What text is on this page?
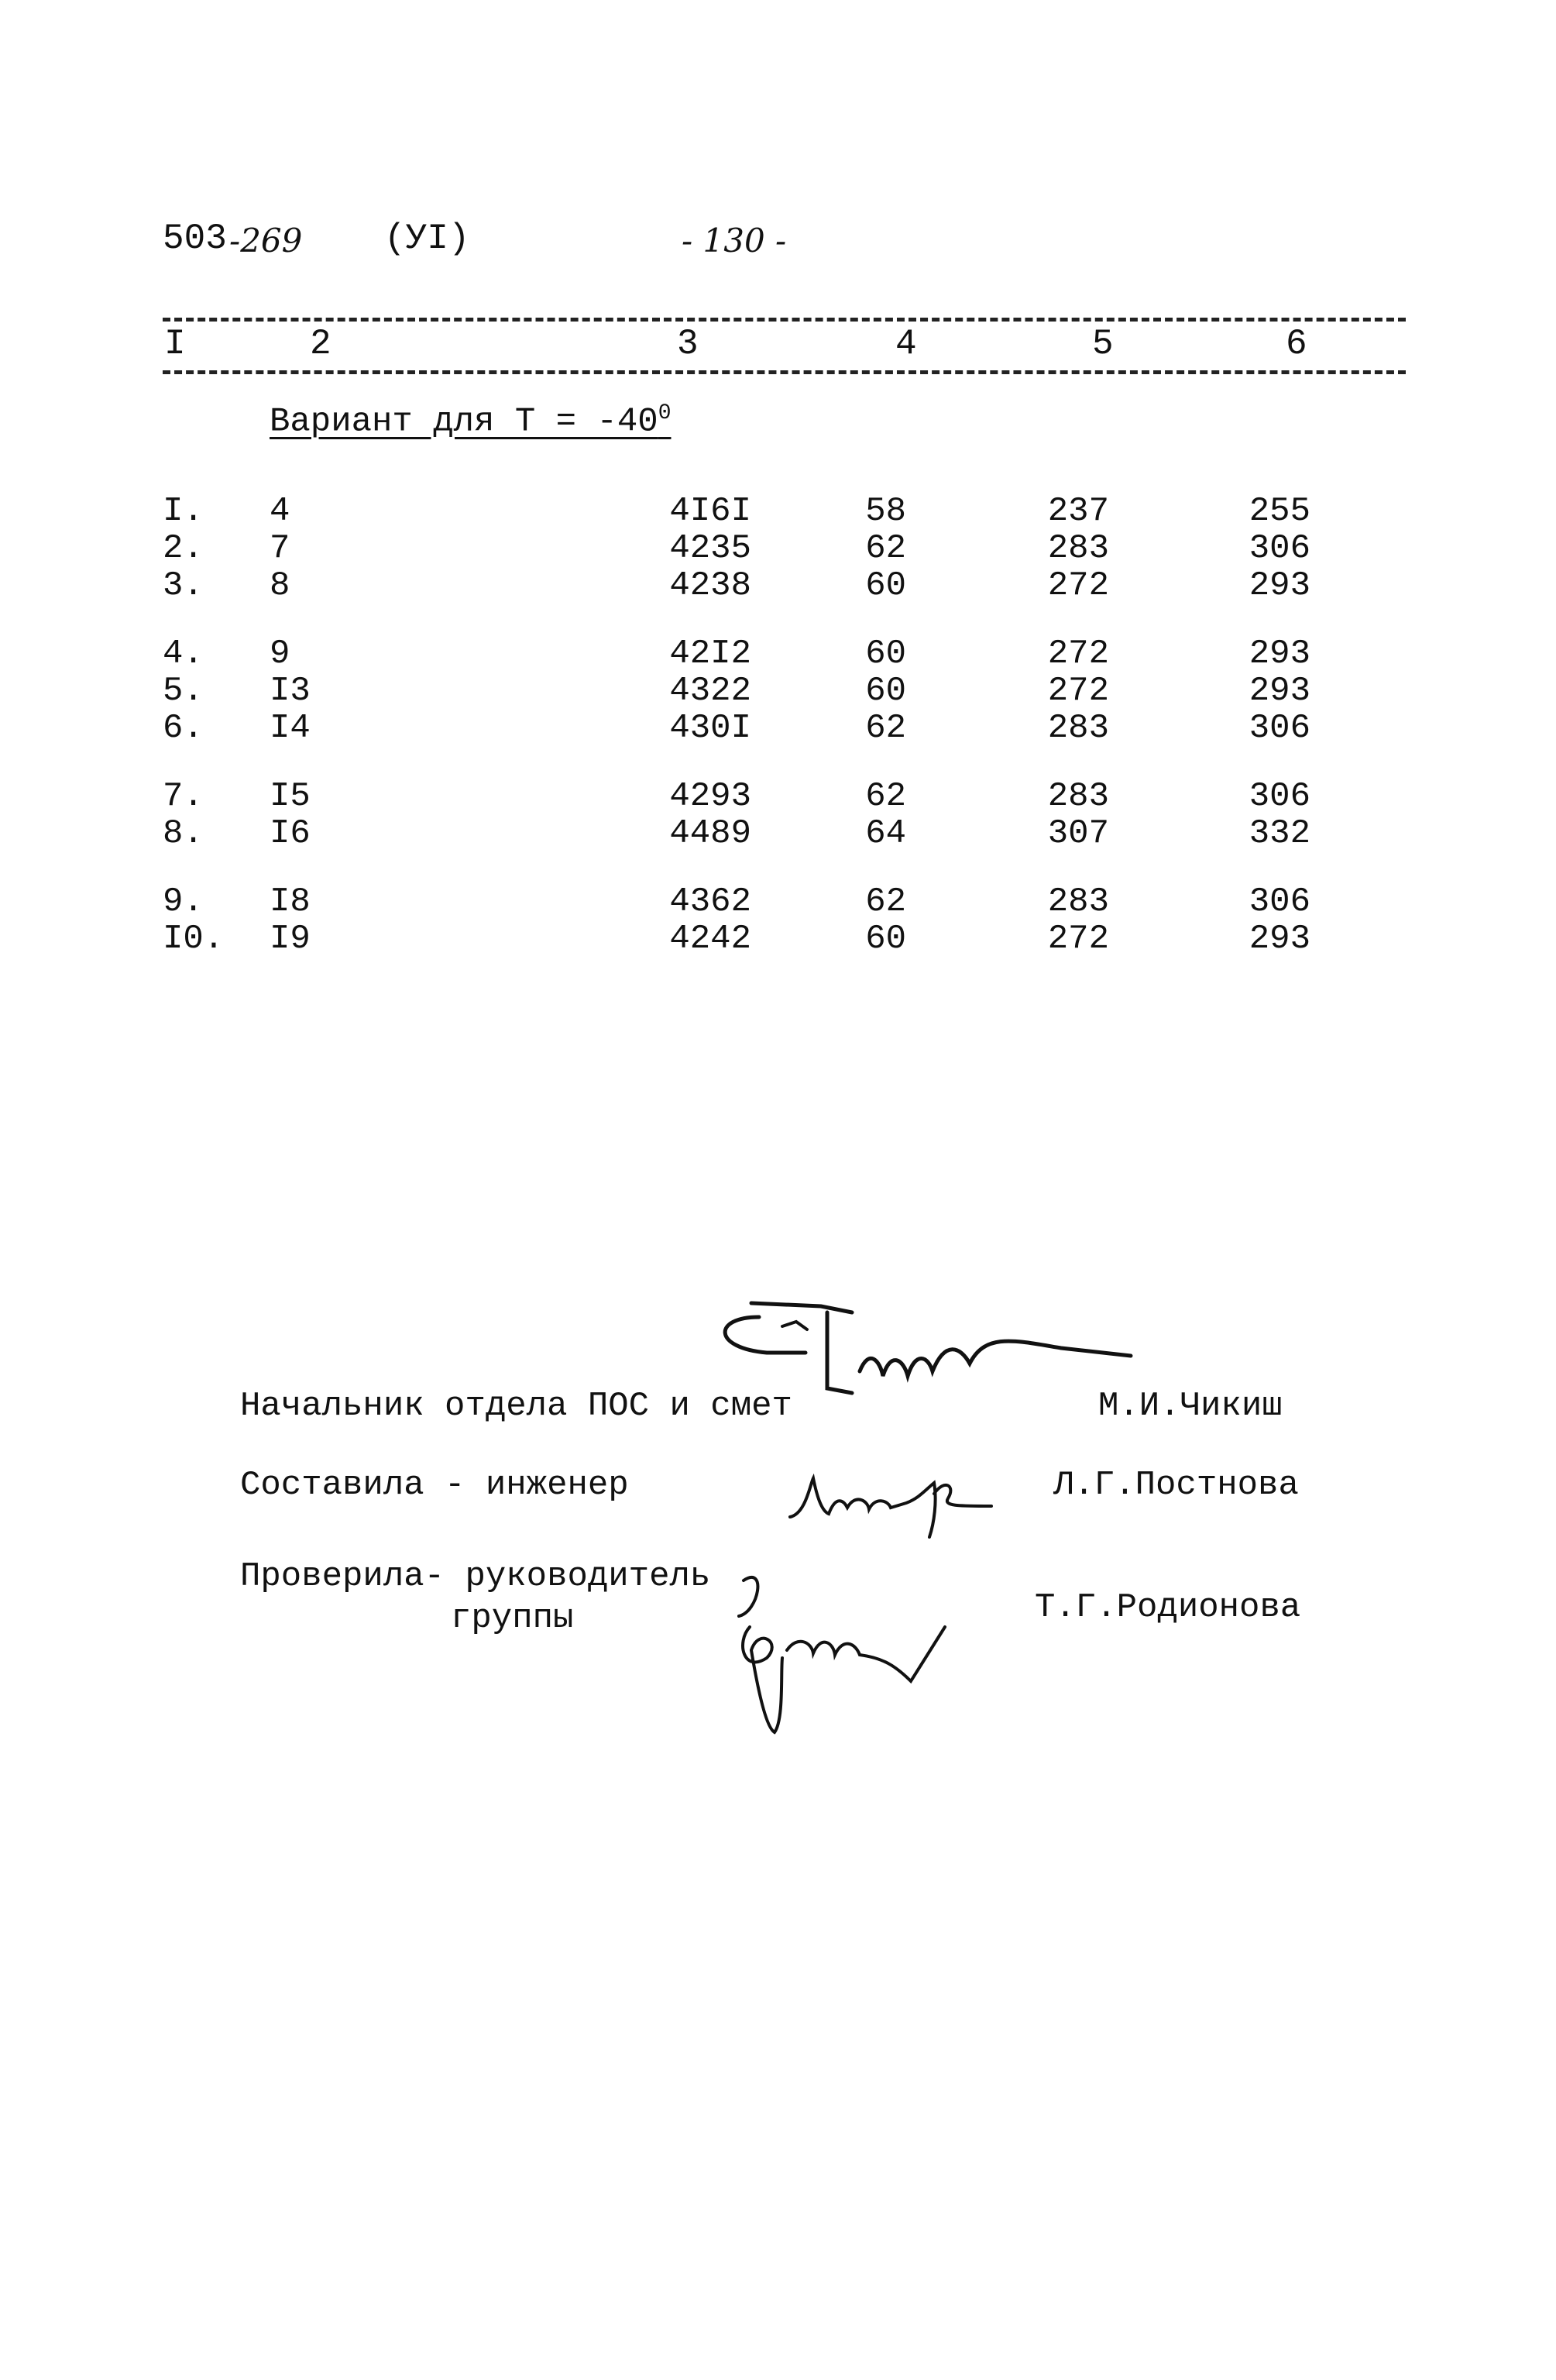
503 -269 (УI)	- 130 -
I	2	3	4	5	6
Вариант для $Т = -40^0$
I.	4	4I6I	58	237	255
2.	7	4235	62	283	306
3.	8	4238	60	272	293
4.	9	42I2	60	272	293
5.	I3	4322	60	272	293
6.	I4	430I	62	283	306
7.	I5	4293	62	283	306
8.	I6	4489	64	307	332
9.	I8	4362	62	283	306
I0.	I9	4242	60	272	293
Начальник отдела ПОС и смет	М.И.Чикиш
Составила - инженер	Л.Г.Постнова
Проверила- руководитель
группы	Т.Г.Родионова
